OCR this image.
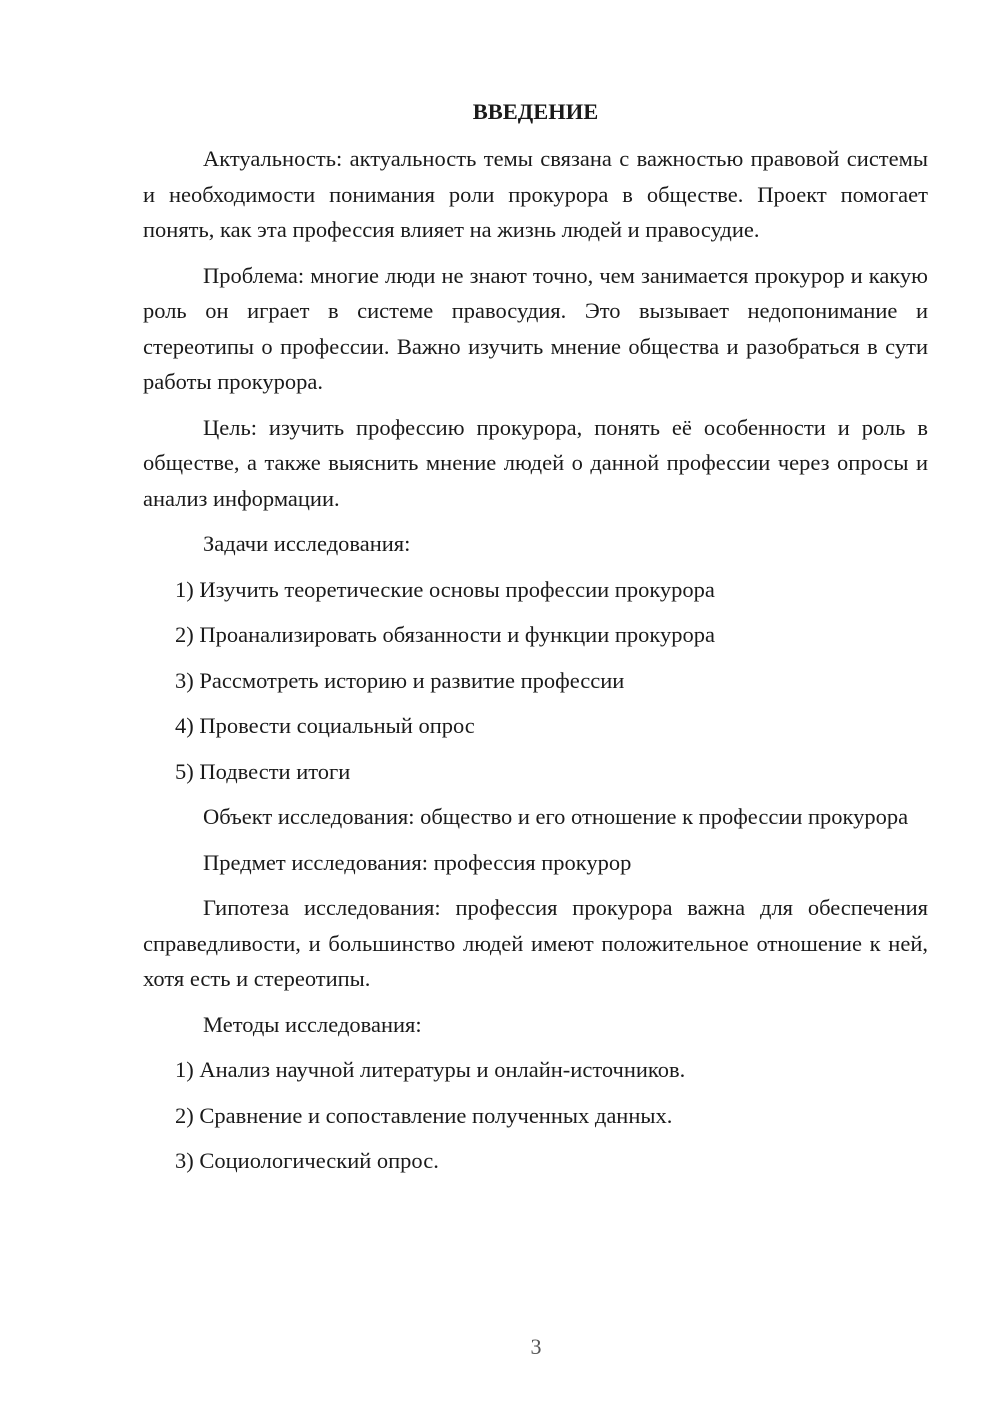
ВВЕДЕНИЕ
Актуальность: актуальность темы связана с важностью правовой системы и необходимости понимания роли прокурора в обществе. Проект помогает понять, как эта профессия влияет на жизнь людей и правосудие.
Проблема: многие люди не знают точно, чем занимается прокурор и какую роль он играет в системе правосудия. Это вызывает недопонимание и стереотипы о профессии. Важно изучить мнение общества и разобраться в сути работы прокурора.
Цель: изучить профессию прокурора, понять её особенности и роль в обществе, а также выяснить мнение людей о данной профессии через опросы и анализ информации.
Задачи исследования:
1) Изучить теоретические основы профессии прокурора
2) Проанализировать обязанности и функции прокурора
3) Рассмотреть историю и развитие профессии
4) Провести социальный опрос
5) Подвести итоги
Объект исследования: общество и его отношение к профессии прокурора
Предмет исследования: профессия прокурор
Гипотеза исследования: профессия прокурора важна для обеспечения справедливости, и большинство людей имеют положительное отношение к ней, хотя есть и стереотипы.
Методы исследования:
1) Анализ научной литературы и онлайн-источников.
2) Сравнение и сопоставление полученных данных.
3) Социологический опрос.
3
